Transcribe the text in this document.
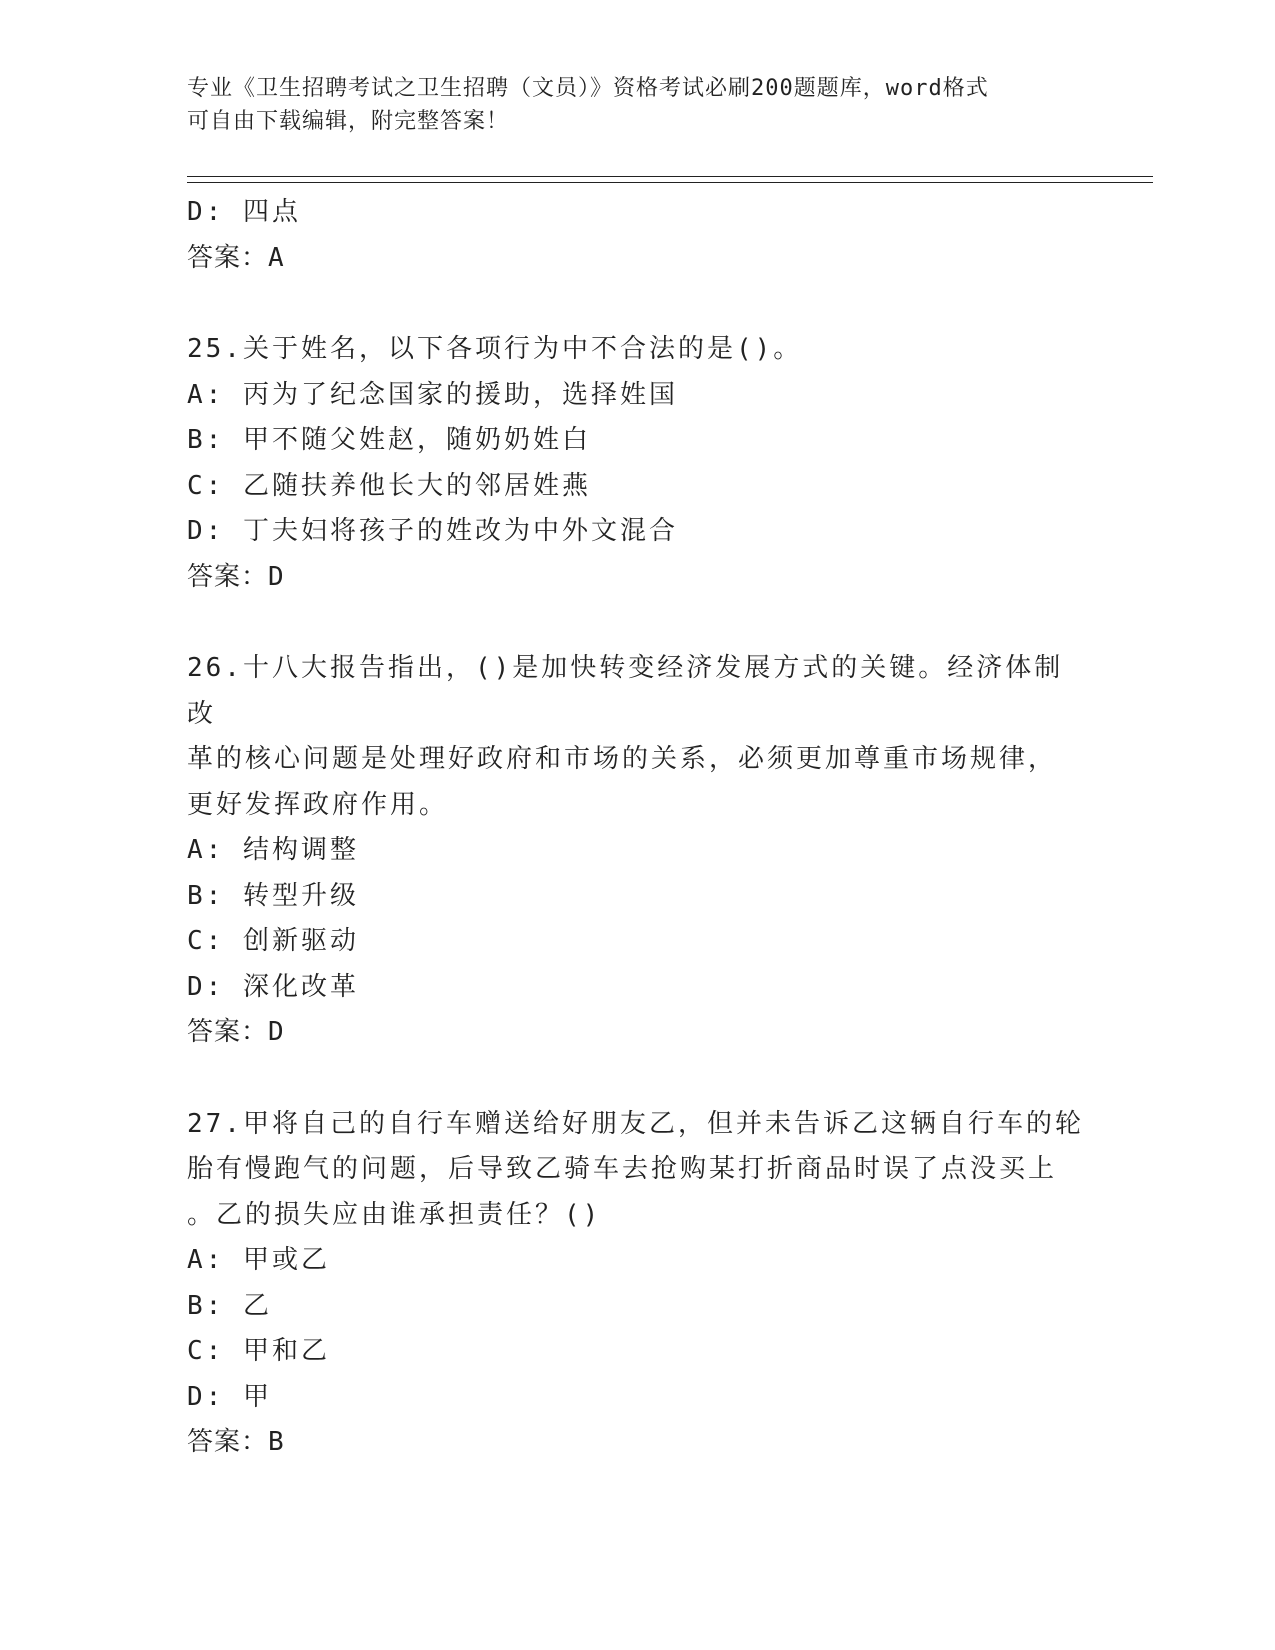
专业《卫生招聘考试之卫生招聘（文员）》资格考试必刷200题题库，word格式
可自由下载编辑，附完整答案！
D: 四点
答案：A
25.关于姓名，以下各项行为中不合法的是()。
A: 丙为了纪念国家的援助，选择姓国
B: 甲不随父姓赵，随奶奶姓白
C: 乙随扶养他长大的邻居姓燕
D: 丁夫妇将孩子的姓改为中外文混合
答案：D
26.十八大报告指出，()是加快转变经济发展方式的关键。经济体制改
革的核心问题是处理好政府和市场的关系，必须更加尊重市场规律，
更好发挥政府作用。
A: 结构调整
B: 转型升级
C: 创新驱动
D: 深化改革
答案：D
27.甲将自己的自行车赠送给好朋友乙，但并未告诉乙这辆自行车的轮
胎有慢跑气的问题，后导致乙骑车去抢购某打折商品时误了点没买上
。乙的损失应由谁承担责任？()
A: 甲或乙
B: 乙
C: 甲和乙
D: 甲
答案：B
